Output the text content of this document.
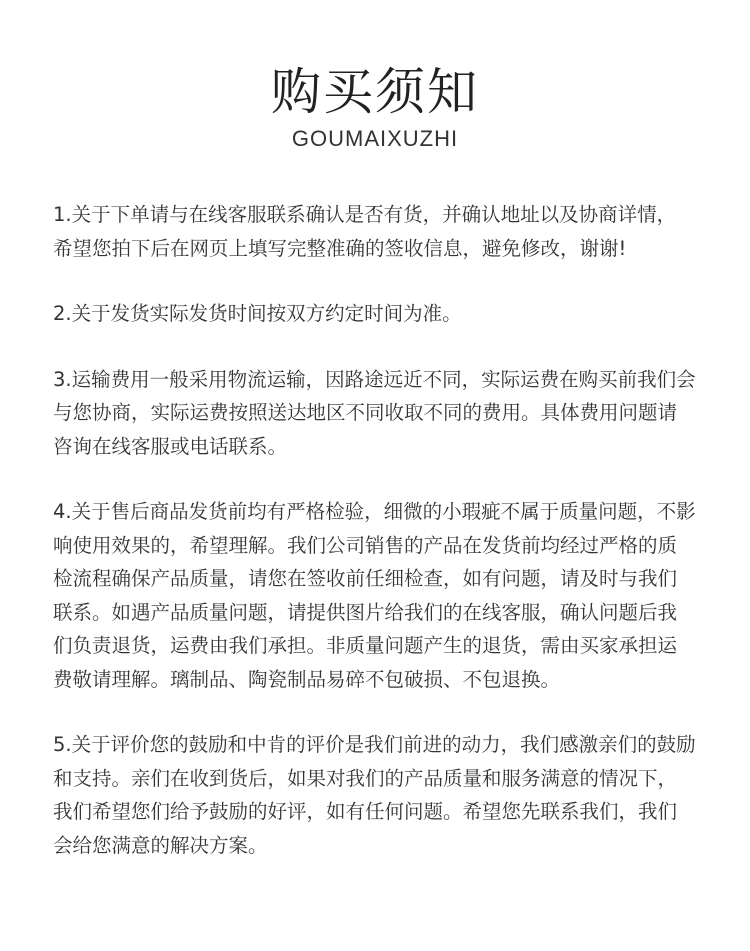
购买须知
GOUMAIXUZHI
1.关于下单请与在线客服联系确认是否有货，并确认地址以及协商详情，
希望您拍下后在网页上填写完整准确的签收信息，避免修改，谢谢!
2.关于发货实际发货时间按双方约定时间为准。
3.运输费用一般采用物流运输，因路途远近不同，实际运费在购买前我们会
与您协商，实际运费按照送达地区不同收取不同的费用。具体费用问题请
咨询在线客服或电话联系。
4.关于售后商品发货前均有严格检验，细微的小瑕疵不属于质量问题，不影
响使用效果的，希望理解。我们公司销售的产品在发货前均经过严格的质
检流程确保产品质量，请您在签收前任细检查，如有问题，请及时与我们
联系。如遇产品质量问题，请提供图片给我们的在线客服，确认问题后我
们负责退货，运费由我们承担。非质量问题产生的退货，需由买家承担运
费敬请理解。璃制品、陶瓷制品易碎不包破损、不包退换。
5.关于评价您的鼓励和中肯的评价是我们前进的动力，我们感激亲们的鼓励
和支持。亲们在收到货后，如果对我们的产品质量和服务满意的情况下，
我们希望您们给予鼓励的好评，如有任何问题。希望您先联系我们，我们
会给您满意的解决方案。
